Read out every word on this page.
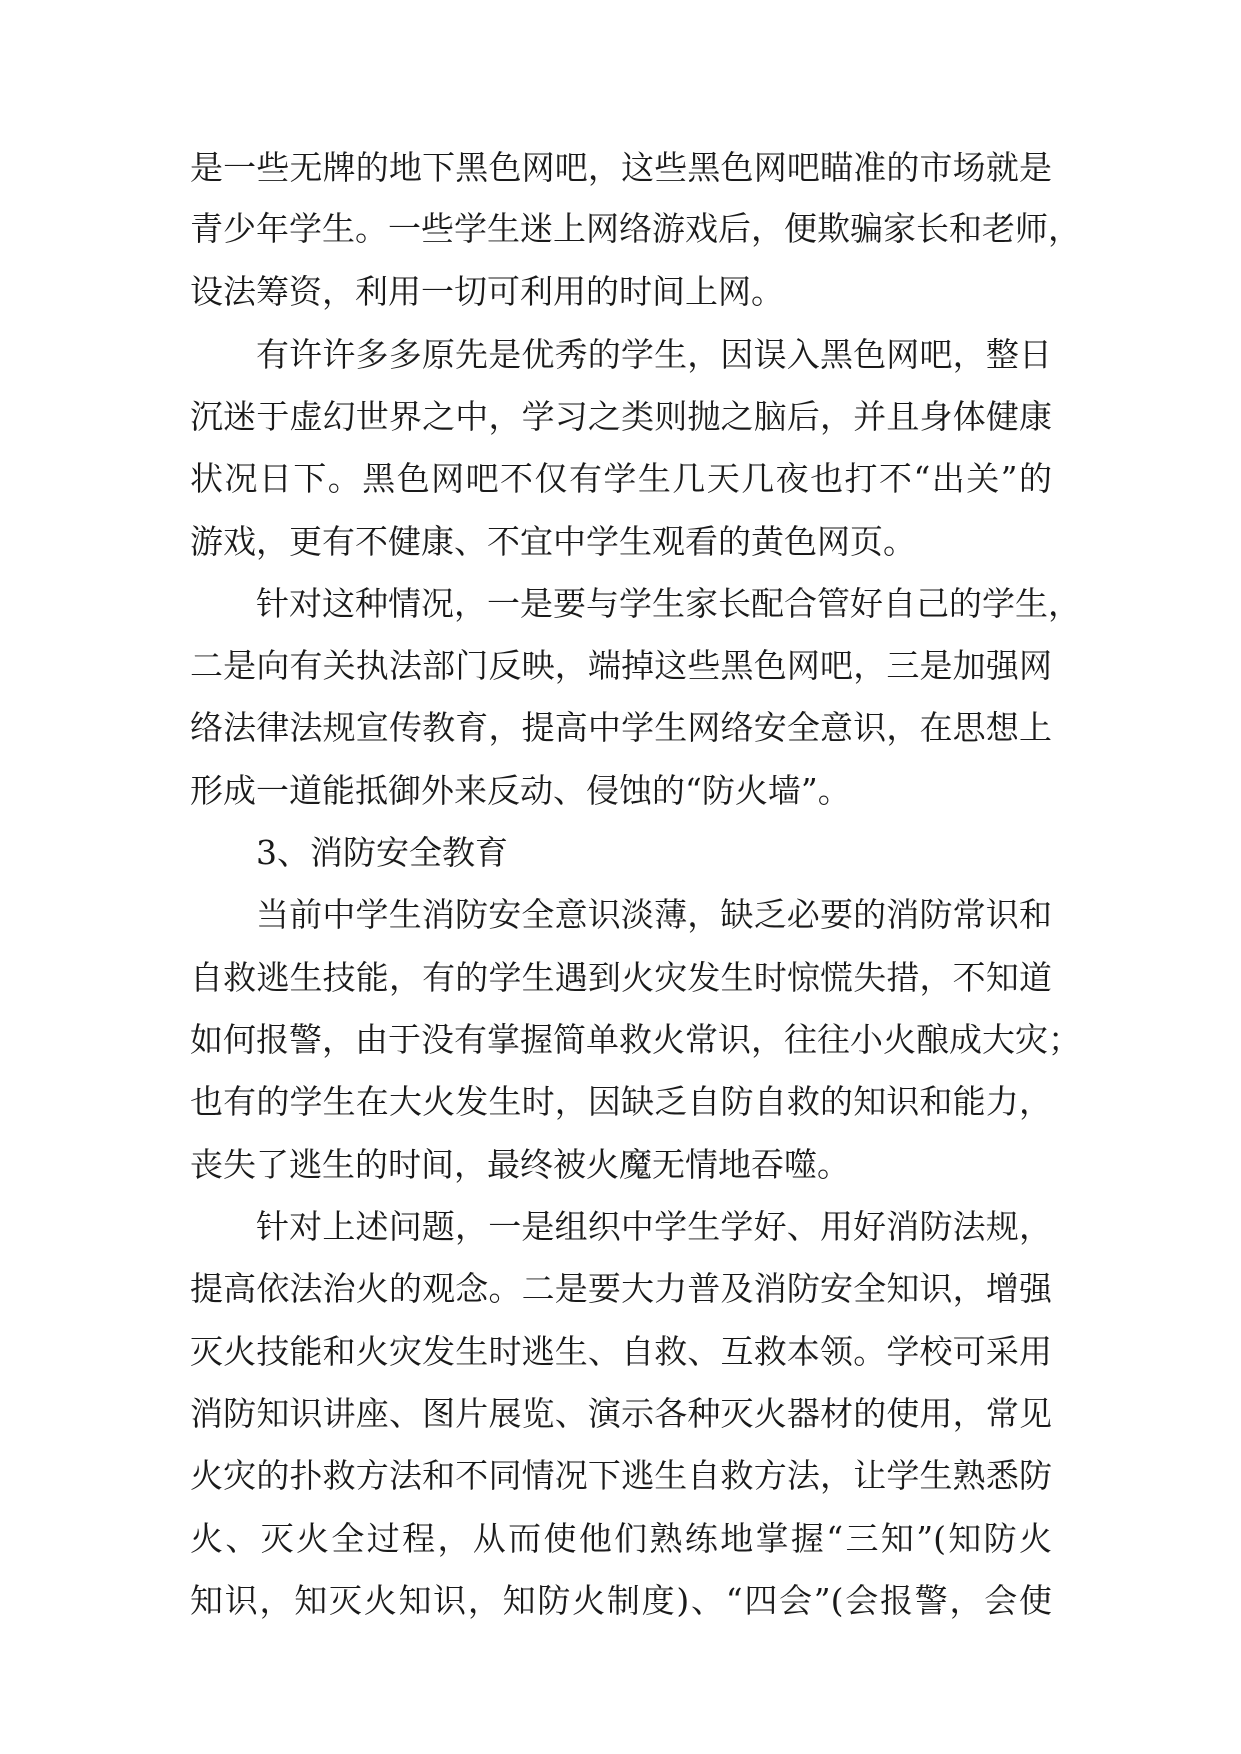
是一些无牌的地下黑色网吧，这些黑色网吧瞄准的市场就是
青少年学生。一些学生迷上网络游戏后，便欺骗家长和老师，
设法筹资，利用一切可利用的时间上网。
有许许多多原先是优秀的学生，因误入黑色网吧，整日
沉迷于虚幻世界之中，学习之类则抛之脑后，并且身体健康
状况日下。黑色网吧不仅有学生几天几夜也打不“出关”的
游戏，更有不健康、不宜中学生观看的黄色网页。
针对这种情况，一是要与学生家长配合管好自己的学生，
二是向有关执法部门反映，端掉这些黑色网吧，三是加强网
络法律法规宣传教育，提高中学生网络安全意识，在思想上
形成一道能抵御外来反动、侵蚀的“防火墙”。
3、消防安全教育
当前中学生消防安全意识淡薄，缺乏必要的消防常识和
自救逃生技能，有的学生遇到火灾发生时惊慌失措，不知道
如何报警，由于没有掌握简单救火常识，往往小火酿成大灾；
也有的学生在大火发生时，因缺乏自防自救的知识和能力，
丧失了逃生的时间，最终被火魔无情地吞噬。
针对上述问题，一是组织中学生学好、用好消防法规，
提高依法治火的观念。二是要大力普及消防安全知识，增强
灭火技能和火灾发生时逃生、自救、互救本领。学校可采用
消防知识讲座、图片展览、演示各种灭火器材的使用，常见
火灾的扑救方法和不同情况下逃生自救方法，让学生熟悉防
火、灭火全过程，从而使他们熟练地掌握“三知”(知防火
知识，知灭火知识，知防火制度)、“四会”(会报警，会使
